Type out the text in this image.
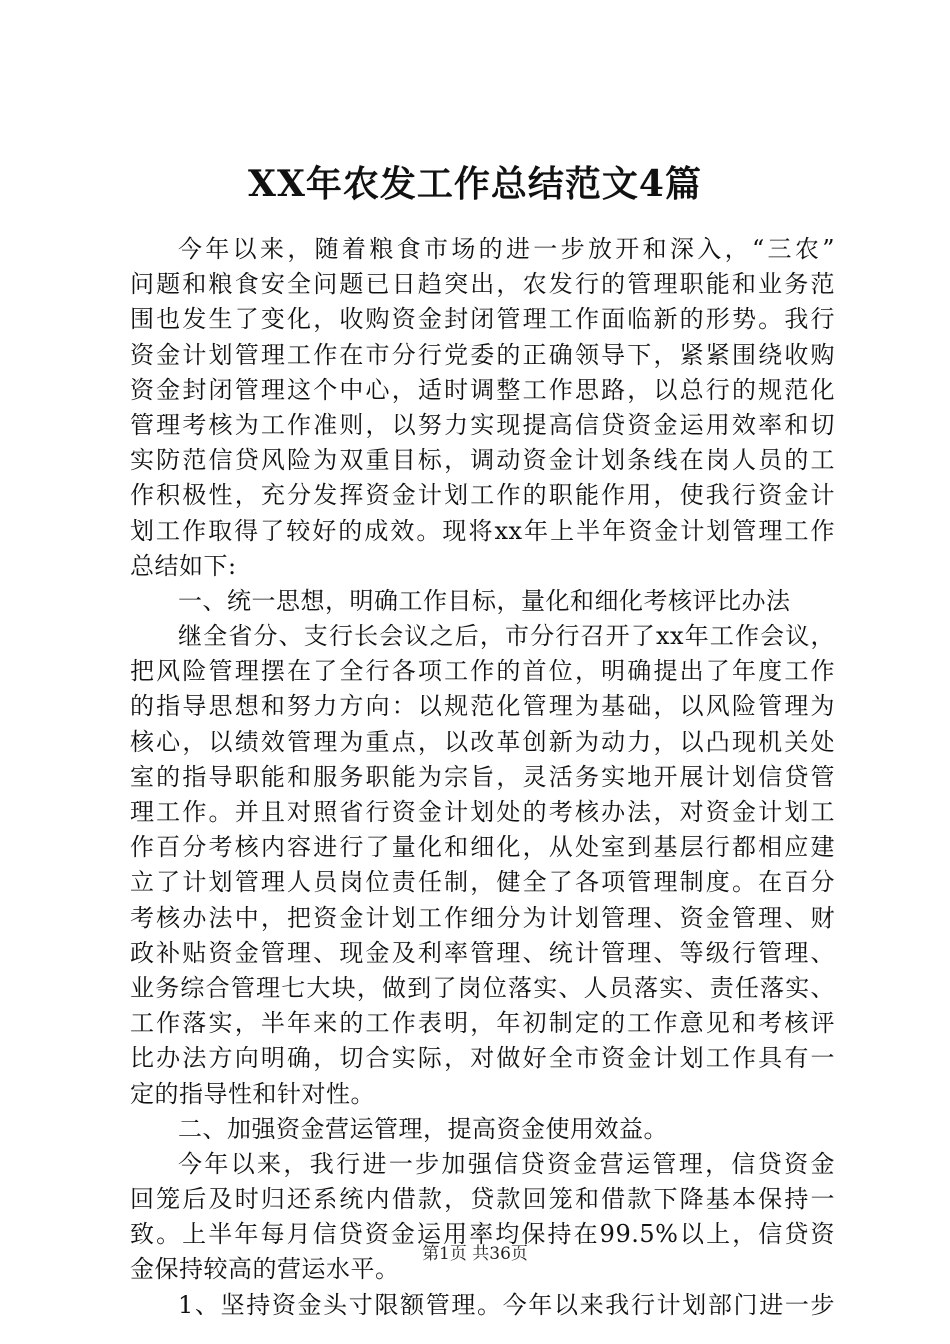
XX年农发工作总结范文4篇
今年以来，随着粮食市场的进一步放开和深入，“三农”
问题和粮食安全问题已日趋突出，农发行的管理职能和业务范
围也发生了变化，收购资金封闭管理工作面临新的形势。我行
资金计划管理工作在市分行党委的正确领导下，紧紧围绕收购
资金封闭管理这个中心，适时调整工作思路，以总行的规范化
管理考核为工作准则，以努力实现提高信贷资金运用效率和切
实防范信贷风险为双重目标，调动资金计划条线在岗人员的工
作积极性，充分发挥资金计划工作的职能作用，使我行资金计
划工作取得了较好的成效。现将xx年上半年资金计划管理工作
总结如下:
一、统一思想，明确工作目标，量化和细化考核评比办法
继全省分、支行长会议之后，市分行召开了xx年工作会议，
把风险管理摆在了全行各项工作的首位，明确提出了年度工作
的指导思想和努力方向：以规范化管理为基础，以风险管理为
核心，以绩效管理为重点，以改革创新为动力，以凸现机关处
室的指导职能和服务职能为宗旨，灵活务实地开展计划信贷管
理工作。并且对照省行资金计划处的考核办法，对资金计划工
作百分考核内容进行了量化和细化，从处室到基层行都相应建
立了计划管理人员岗位责任制，健全了各项管理制度。在百分
考核办法中，把资金计划工作细分为计划管理、资金管理、财
政补贴资金管理、现金及利率管理、统计管理、等级行管理、
业务综合管理七大块，做到了岗位落实、人员落实、责任落实、
工作落实，半年来的工作表明，年初制定的工作意见和考核评
比办法方向明确，切合实际，对做好全市资金计划工作具有一
定的指导性和针对性。
二、加强资金营运管理，提高资金使用效益。
今年以来，我行进一步加强信贷资金营运管理，信贷资金
回笼后及时归还系统内借款，贷款回笼和借款下降基本保持一
致。上半年每月信贷资金运用率均保持在99.5%以上，信贷资
金保持较高的营运水平。
1、坚持资金头寸限额管理。今年以来我行计划部门进一步
第1页 共36页
